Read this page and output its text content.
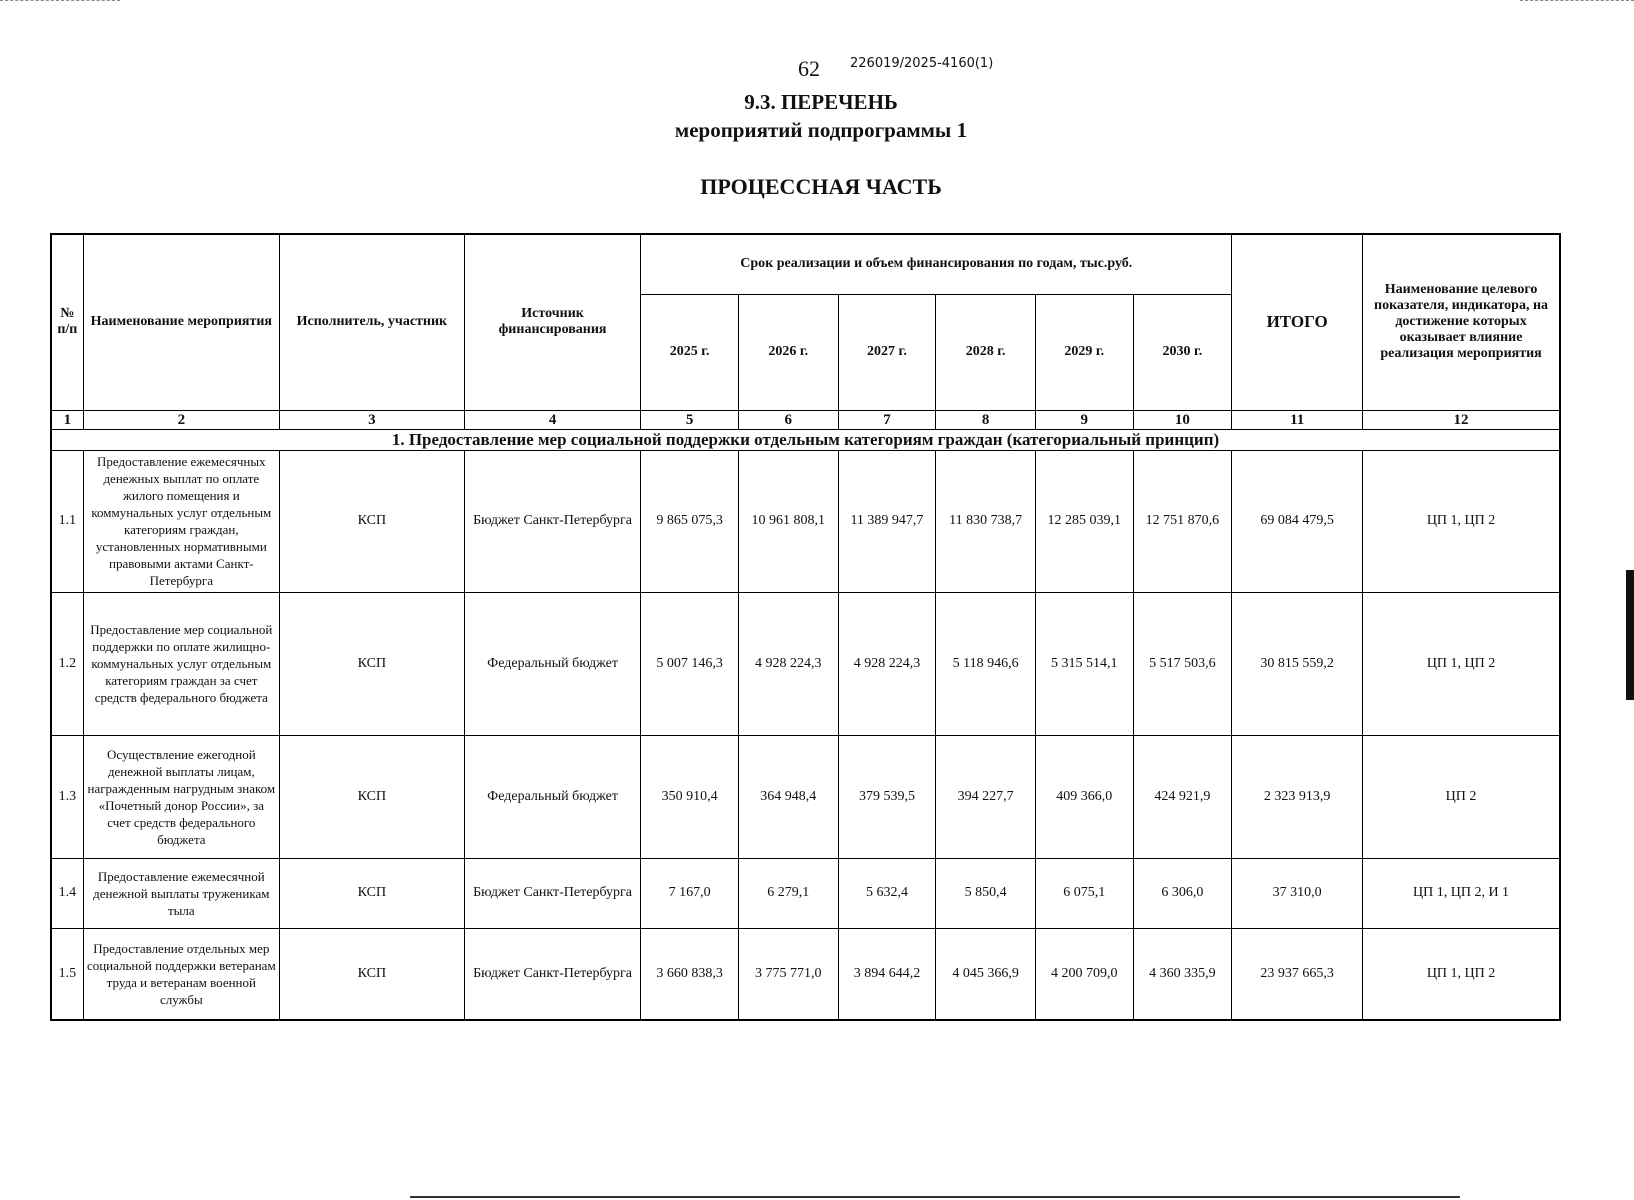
62 226019/2025-4160(1)
9.3. ПЕРЕЧЕНЬ
мероприятий подпрограммы 1
ПРОЦЕССНАЯ ЧАСТЬ
№ п/п	Наименование мероприятия	Исполнитель, участник	Источник финансирования	Срок реализации и объем финансирования по годам, тыс.руб.						ИТОГО	Наименование целевого показателя, индикатора, на достижение которых оказывает влияние реализация мероприятия
				2025 г.	2026 г.	2027 г.	2028 г.	2029 г.	2030 г.		
1	2	3	4	5	6	7	8	9	10	11	12
1. Предоставление мер социальной поддержки отдельным категориям граждан (категориальный принцип)											
1.1	Предоставление ежемесячных денежных выплат по оплате жилого помещения и коммунальных услуг отдельным категориям граждан, установленных нормативными правовыми актами Санкт-Петербурга	КСП	Бюджет Санкт-Петербурга	9 865 075,3	10 961 808,1	11 389 947,7	11 830 738,7	12 285 039,1	12 751 870,6	69 084 479,5	ЦП 1, ЦП 2
1.2	Предоставление мер социальной поддержки по оплате жилищно-коммунальных услуг отдельным категориям граждан за счет средств федерального бюджета	КСП	Федеральный бюджет	5 007 146,3	4 928 224,3	4 928 224,3	5 118 946,6	5 315 514,1	5 517 503,6	30 815 559,2	ЦП 1, ЦП 2
1.3	Осуществление ежегодной денежной выплаты лицам, награжденным нагрудным знаком «Почетный донор России», за счет средств федерального бюджета	КСП	Федеральный бюджет	350 910,4	364 948,4	379 539,5	394 227,7	409 366,0	424 921,9	2 323 913,9	ЦП 2
1.4	Предоставление ежемесячной денежной выплаты труженикам тыла	КСП	Бюджет Санкт-Петербурга	7 167,0	6 279,1	5 632,4	5 850,4	6 075,1	6 306,0	37 310,0	ЦП 1, ЦП 2, И 1
1.5	Предоставление отдельных мер социальной поддержки ветеранам труда и ветеранам военной службы	КСП	Бюджет Санкт-Петербурга	3 660 838,3	3 775 771,0	3 894 644,2	4 045 366,9	4 200 709,0	4 360 335,9	23 937 665,3	ЦП 1, ЦП 2
